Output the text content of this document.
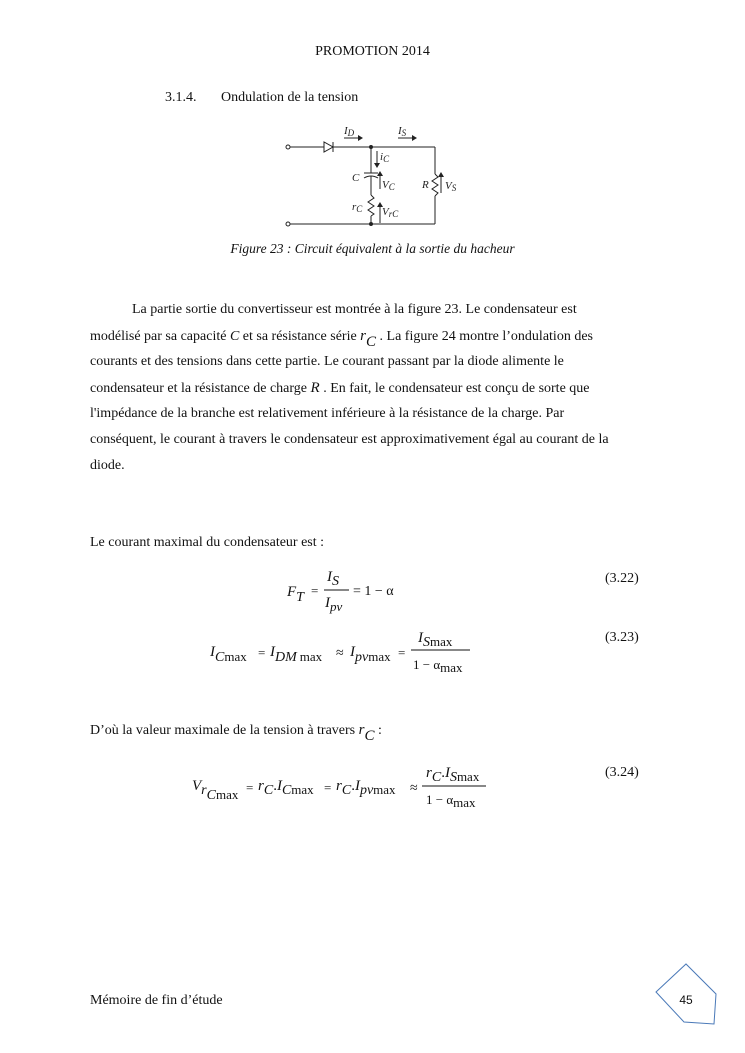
PROMOTION 2014
3.1.4. Ondulation de la tension
ID	IS
iC
C
VC R VS
rC VrC
Figure 23 : Circuit équivalent à la sortie du hacheur
La partie sortie du convertisseur est montrée à la figure 23. Le condensateur est
modélisé par sa capacité C et sa résistance série $r_C$ . La figure 24 montre l’ondulation des
courants et des tensions dans cette partie. Le courant passant par la diode alimente le
condensateur et la résistance de charge R . En fait, le condensateur est conçu de sorte que
l'impédance de la branche est relativement inférieure à la résistance de la charge. Par
conséquent, le courant à travers le condensateur est approximativement égal au courant de la
diode.
Le courant maximal du condensateur est :
FT =
IS
Ipv
= 1 − α
(3.22)
ICmax = IDM max ≈ Ipvmax =
ISmax
1 − αmax
(3.23)
D’où la valeur maximale de la tension à travers $r_C$ :
VrCmax = rC.ICmax = rC.Ipvmax ≈
rC.ISmax
1 − αmax
(3.24)
Mémoire de fin d’étude	45
